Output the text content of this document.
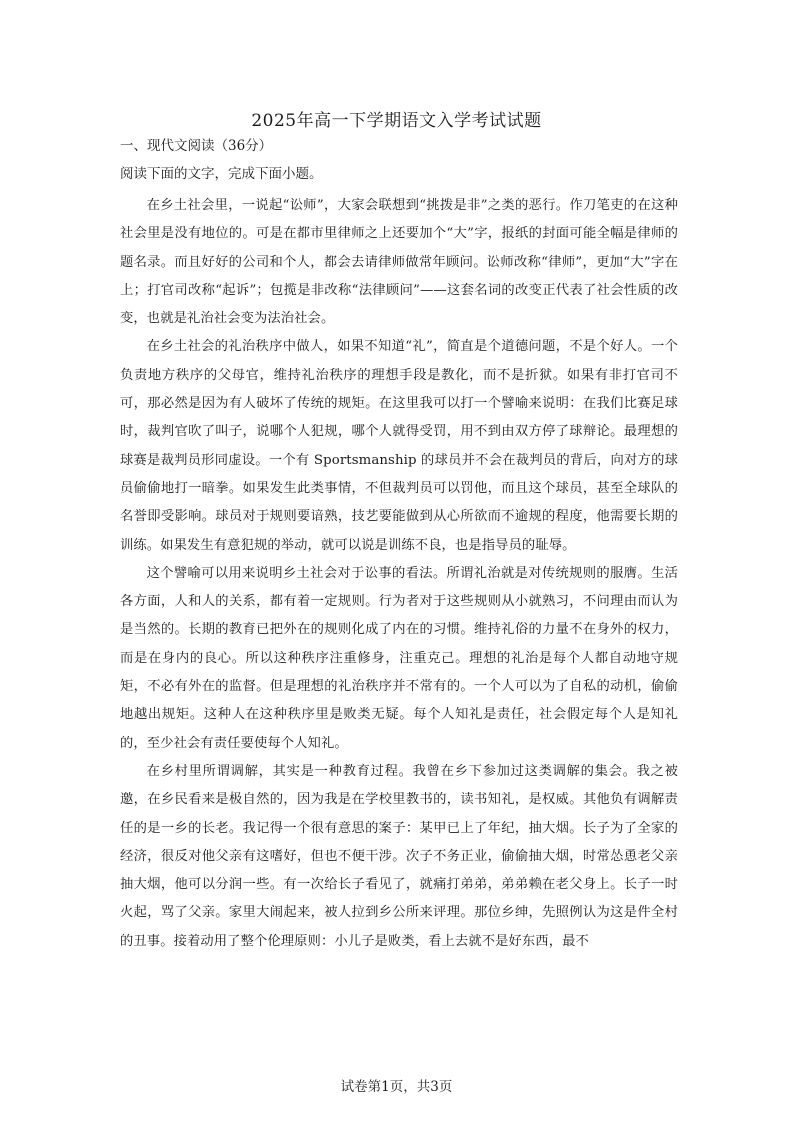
2025年高一下学期语文入学考试试题

一、现代文阅读（36分）

阅读下面的文字，完成下面小题。

在乡土社会里，一说起“讼师”，大家会联想到“挑拨是非”之类的恶行。作刀笔吏的在这种社会里是没有地位的。可是在都市里律师之上还要加个“大”字，报纸的封面可能全幅是律师的题名录。而且好好的公司和个人，都会去请律师做常年顾问。讼师改称“律师”，更加“大”字在上；打官司改称“起诉”；包揽是非改称“法律顾问”——这套名词的改变正代表了社会性质的改变，也就是礼治社会变为法治社会。

在乡土社会的礼治秩序中做人，如果不知道“礼”，简直是个道德问题，不是个好人。一个负责地方秩序的父母官，维持礼治秩序的理想手段是教化，而不是折狱。如果有非打官司不可，那必然是因为有人破坏了传统的规矩。在这里我可以打一个譬喻来说明：在我们比赛足球时，裁判官吹了叫子，说哪个人犯规，哪个人就得受罚，用不到由双方停了球辩论。最理想的球赛是裁判员形同虚设。一个有 Sportsmanship 的球员并不会在裁判员的背后，向对方的球员偷偷地打一暗拳。如果发生此类事情，不但裁判员可以罚他，而且这个球员，甚至全球队的名誉即受影响。球员对于规则要谙熟，技艺要能做到从心所欲而不逾规的程度，他需要长期的训练。如果发生有意犯规的举动，就可以说是训练不良，也是指导员的耻辱。

这个譬喻可以用来说明乡土社会对于讼事的看法。所谓礼治就是对传统规则的服膺。生活各方面，人和人的关系，都有着一定规则。行为者对于这些规则从小就熟习，不问理由而认为是当然的。长期的教育已把外在的规则化成了内在的习惯。维持礼俗的力量不在身外的权力，而是在身内的良心。所以这种秩序注重修身，注重克己。理想的礼治是每个人都自动地守规矩，不必有外在的监督。但是理想的礼治秩序并不常有的。一个人可以为了自私的动机，偷偷地越出规矩。这种人在这种秩序里是败类无疑。每个人知礼是责任，社会假定每个人是知礼的，至少社会有责任要使每个人知礼。

在乡村里所谓调解，其实是一种教育过程。我曾在乡下参加过这类调解的集会。我之被邀，在乡民看来是极自然的，因为我是在学校里教书的，读书知礼，是权威。其他负有调解责任的是一乡的长老。我记得一个很有意思的案子：某甲已上了年纪，抽大烟。长子为了全家的经济，很反对他父亲有这嗜好，但也不便干涉。次子不务正业，偷偷抽大烟，时常怂恿老父亲抽大烟，他可以分润一些。有一次给长子看见了，就痛打弟弟，弟弟赖在老父身上。长子一时火起，骂了父亲。家里大闹起来，被人拉到乡公所来评理。那位乡绅，先照例认为这是件全村的丑事。接着动用了整个伦理原则：小儿子是败类，看上去就不是好东西，最不

试卷第1页，共3页
